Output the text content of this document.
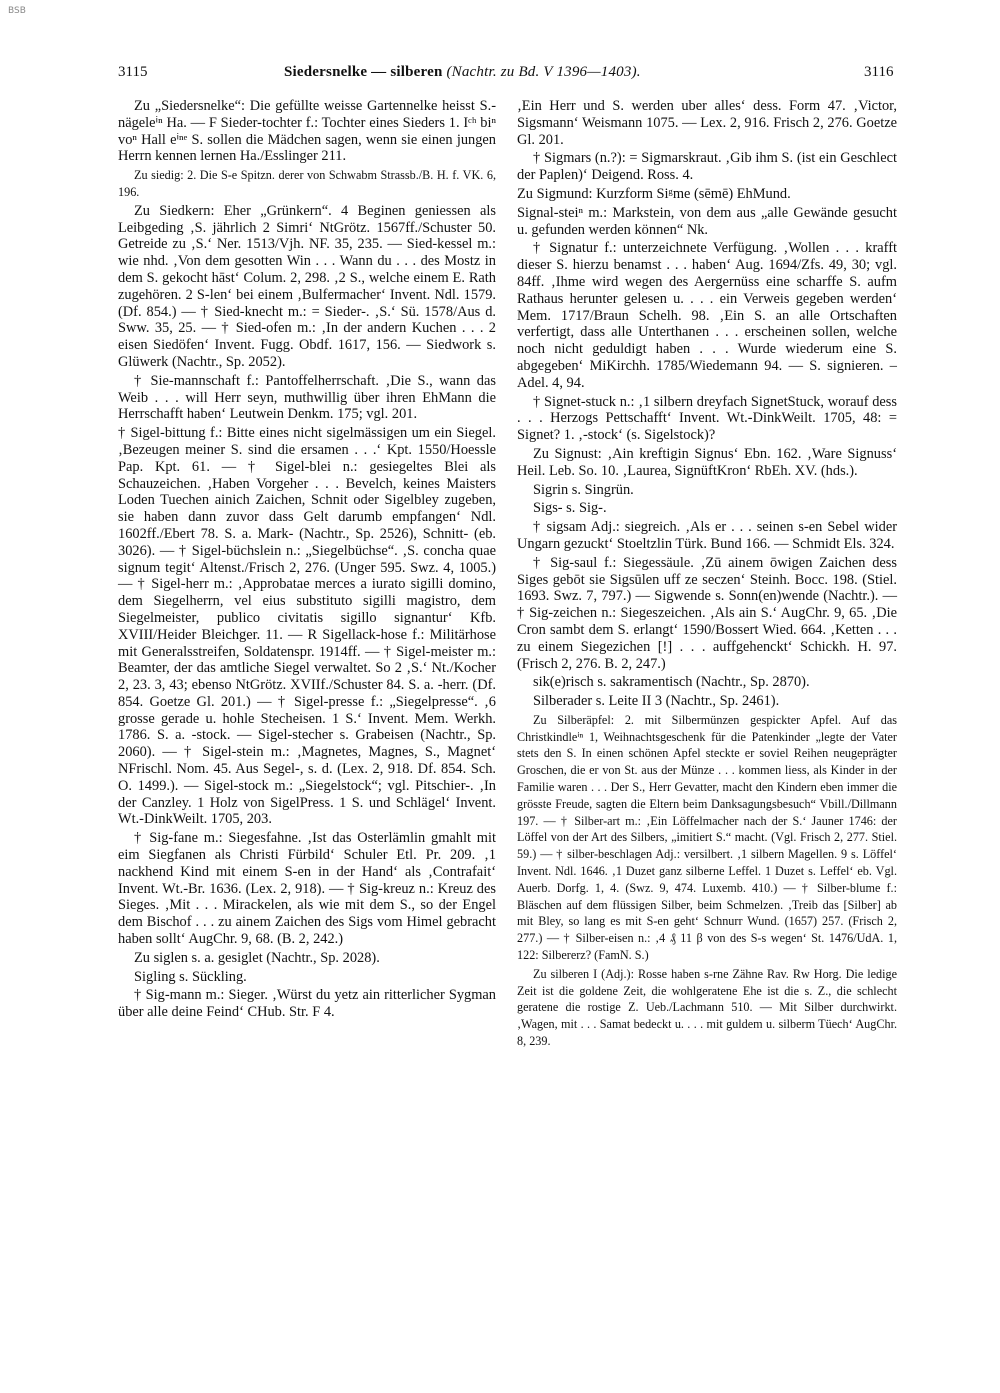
BSB
3115	Siedersnelke — silberen (Nachtr. zu Bd. V 1396—1403).	3116

Zu „Siedersnelke“: Die gefüllte weisse Gartennelke heisst S.-nägeleⁱⁿ Ha. — F Sieder-tochter f.: Tochter eines Sieders 1. Iᶜʰ biⁿ voⁿ Hall eⁱⁿᵉ S. sollen die Mädchen sagen, wenn sie einen jungen Herrn kennen lernen Ha./Esslinger 211.

Zu siedig: 2. Die S-e Spitzn. derer von Schwabm Strassb./B. H. f. VK. 6, 196.

Zu Siedkern: Eher „Grünkern“. 4 Beginen geniessen als Leibgeding ‚S. jährlich 2 Simri‘ NtGrötz. 1567ff./Schuster 50. Getreide zu ‚S.‘ Ner. 1513/Vjh. NF. 35, 235. — Sied-kessel m.: wie nhd. ‚Von dem gesotten Win . . . Wann du . . . des Mostz in dem S. gekocht hāst‘ Colum. 2, 298. ‚2 S., welche einem E. Rath zugehören. 2 S-len‘ bei einem ‚Bulfermacher‘ Invent. Ndl. 1579. (Df. 854.) — † Sied-knecht m.: = Sieder-. ‚S.‘ Sü. 1578/Aus d. Sww. 35, 25. — † Sied-ofen m.: ‚In der andern Kuchen . . . 2 eisen Siedöfen‘ Invent. Fugg. Obdf. 1617, 156. — Siedwork s. Glüwerk (Nachtr., Sp. 2052).

† Sie-mannschaft f.: Pantoffelherrschaft. ‚Die S., wann das Weib . . . will Herr seyn, muthwillig über ihren EhMann die Herrschafft haben‘ Leutwein Denkm. 175; vgl. 201.

† Sigel-bittung f.: Bitte eines nicht sigelmässigen um ein Siegel. ‚Bezeugen meiner S. sind die ersamen . . .‘ Kpt. 1550/Hoessle Pap. Kpt. 61. — † Sigel-blei n.: gesiegeltes Blei als Schauzeichen. ‚Haben Vorgeher . . . Bevelch, keines Maisters Loden Tuechen ainich Zaichen, Schnit oder Sigelbley zugeben, sie haben dann zuvor dass Gelt darumb empfangen‘ Ndl. 1602ff./Ebert 78. S. a. Mark- (Nachtr., Sp. 2526), Schnitt- (eb. 3026). — † Sigel-büchslein n.: „Siegelbüchse“. ‚S. concha quae signum tegit‘ Altenst./Frisch 2, 276. (Unger 595. Swz. 4, 1005.) — † Sigel-herr m.: ‚Approbatae merces a iurato sigilli domino, dem Siegelherrn, vel eius substituto sigilli magistro, dem Siegelmeister, publico civitatis sigillo signantur‘ Kfb. XVIII/Heider Bleichger. 11. — R Sigellack-hose f.: Militärhose mit Generalsstreifen, Soldatenspr. 1914ff. — † Sigel-meister m.: Beamter, der das amtliche Siegel verwaltet. So 2 ‚S.‘ Nt./Kocher 2, 23. 3, 43; ebenso NtGrötz. XVIIf./Schuster 84. S. a. -herr. (Df. 854. Goetze Gl. 201.) — † Sigel-presse f.: „Siegelpresse“. ‚6 grosse gerade u. hohle Stecheisen. 1 S.‘ Invent. Mem. Werkh. 1786. S. a. -stock. — Sigel-stecher s. Grabeisen (Nachtr., Sp. 2060). — † Sigel-stein m.: ‚Magnetes, Magnes, S., Magnet‘ NFrischl. Nom. 45. Aus Segel-, s. d. (Lex. 2, 918. Df. 854. Sch. O. 1499.). — Sigel-stock m.: „Siegelstock“; vgl. Pitschier-. ‚In der Canzley. 1 Holz von SigelPress. 1 S. und Schlägel‘ Invent. Wt.-DinkWeilt. 1705, 203.

† Sig-fane m.: Siegesfahne. ‚Ist das Osterlämlin gmahlt mit eim Siegfanen als Christi Fürbild‘ Schuler Etl. Pr. 209. ‚1 nackhend Kind mit einem S-en in der Hand‘ als ‚Contrafait‘ Invent. Wt.-Br. 1636. (Lex. 2, 918). — † Sig-kreuz n.: Kreuz des Sieges. ‚Mit . . . Mirackelen, als wie mit dem S., so der Engel dem Bischof . . . zu ainem Zaichen des Sigs vom Himel gebracht haben sollt‘ AugChr. 9, 68. (B. 2, 242.)

Zu siglen s. a. gesiglet (Nachtr., Sp. 2028).

Sigling s. Sückling.

† Sig-mann m.: Sieger. ‚Würst du yetz ain ritterlicher Sygman über alle deine Feind‘ CHub. Str. F 4.

‚Ein Herr und S. werden uber alles‘ dess. Form 47. ‚Victor, Sigsmann‘ Weismann 1075. — Lex. 2, 916. Frisch 2, 276. Goetze Gl. 201.

† Sigmars (n.?): = Sigmarskraut. ‚Gib ihm S. (ist ein Geschlect der Paplen)‘ Deigend. Ross. 4.

Zu Sigmund: Kurzform Siᵍme (sēmē) EhMund.

Signal-steiⁿ m.: Markstein, von dem aus „alle Gewände gesucht u. gefunden werden können“ Nk.

† Signatur f.: unterzeichnete Verfügung. ‚Wollen . . . krafft dieser S. hierzu benamst . . . haben‘ Aug. 1694/Zfs. 49, 30; vgl. 84ff. ‚Ihme wird wegen des Aergernüss eine scharffe S. aufm Rathaus herunter gelesen u. . . . ein Verweis gegeben werden‘ Mem. 1717/Braun Schelh. 98. ‚Ein S. an alle Ortschaften verfertigt, dass alle Unterthanen . . . erscheinen sollen, welche noch nicht geduldigt haben . . . Wurde wiederum eine S. abgegeben‘ MiKirchh. 1785/Wiedemann 94. — S. signieren. – Adel. 4, 94.

† Signet-stuck n.: ‚1 silbern dreyfach SignetStuck, worauf dess . . . Herzogs Pettschafft‘ Invent. Wt.-DinkWeilt. 1705, 48: = Signet? 1. ‚-stock‘ (s. Sigelstock)?

Zu Signust: ‚Ain kreftigin Signus‘ Ebn. 162. ‚Ware Signuss‘ Heil. Leb. So. 10. ‚Laurea, SignüftKron‘ RbEh. XV. (hds.).

Sigrin s. Singrün.

Sigs- s. Sig-.

† sigsam Adj.: siegreich. ‚Als er . . . seinen s-en Sebel wider Ungarn gezuckt‘ Stoeltzlin Türk. Bund 166. — Schmidt Els. 324.

† Sig-saul f.: Siegessäule. ‚Zū ainem ōwigen Zaichen dess Siges gebōt sie Sigsūlen uff ze seczen‘ Steinh. Bocc. 198. (Stiel. 1693. Swz. 7, 797.) — Sigwende s. Sonn(en)wende (Nachtr.). — † Sig-zeichen n.: Siegeszeichen. ‚Als ain S.‘ AugChr. 9, 65. ‚Die Cron sambt dem S. erlangt‘ 1590/Bossert Wied. 664. ‚Ketten . . . zu einem Siegezichen [!] . . . auffgehenckt‘ Schickh. H. 97. (Frisch 2, 276. B. 2, 247.)

sik(e)risch s. sakramentisch (Nachtr., Sp. 2870).

Silberader s. Leite II 3 (Nachtr., Sp. 2461).

Zu Silberäpfel: 2. mit Silbermünzen gespickter Apfel. Auf das Christkindleⁱⁿ 1, Weihnachtsgeschenk für die Patenkinder „legte der Vater stets den S. In einen schönen Apfel steckte er soviel Reihen neugeprägter Groschen, die er von St. aus der Münze . . . kommen liess, als Kinder in der Familie waren . . . Der S., Herr Gevatter, macht den Kindern eben immer die grösste Freude, sagten die Eltern beim Danksagungsbesuch“ Vbill./Dillmann 197. — † Silber-art m.: ‚Ein Löffelmacher nach der S.‘ Jauner 1746: der Löffel von der Art des Silbers, „imitiert S.“ macht. (Vgl. Frisch 2, 277. Stiel. 59.) — † silber-beschlagen Adj.: versilbert. ‚1 silbern Magellen. 9 s. Löffel‘ Invent. Ndl. 1646. ‚1 Duzet ganz silberne Leffel. 1 Duzet s. Leffel‘ eb. Vgl. Auerb. Dorfg. 1, 4. (Swz. 9, 474. Luxemb. 410.) — † Silber-blume f.: Bläschen auf dem flüssigen Silber, beim Schmelzen. ‚Treib das [Silber] ab mit Bley, so lang es mit S-en geht‘ Schnurr Wund. (1657) 257. (Frisch 2, 277.) — † Silber-eisen n.: ‚4 ₰ 11 β von des S-s wegen‘ St. 1476/UdA. 1, 122: Silbererz? (FamN. S.)

Zu silberen I (Adj.): Rosse haben s-rne Zähne Rav. Rw Horg. Die ledige Zeit ist die goldene Zeit, die wohlgeratene Ehe ist die s. Z., die schlecht geratene die rostige Z. Ueb./Lachmann 510. — Mit Silber durchwirkt. ‚Wagen, mit . . . Samat bedeckt u. . . . mit guldem u. silberm Tüech‘ AugChr. 8, 239.
